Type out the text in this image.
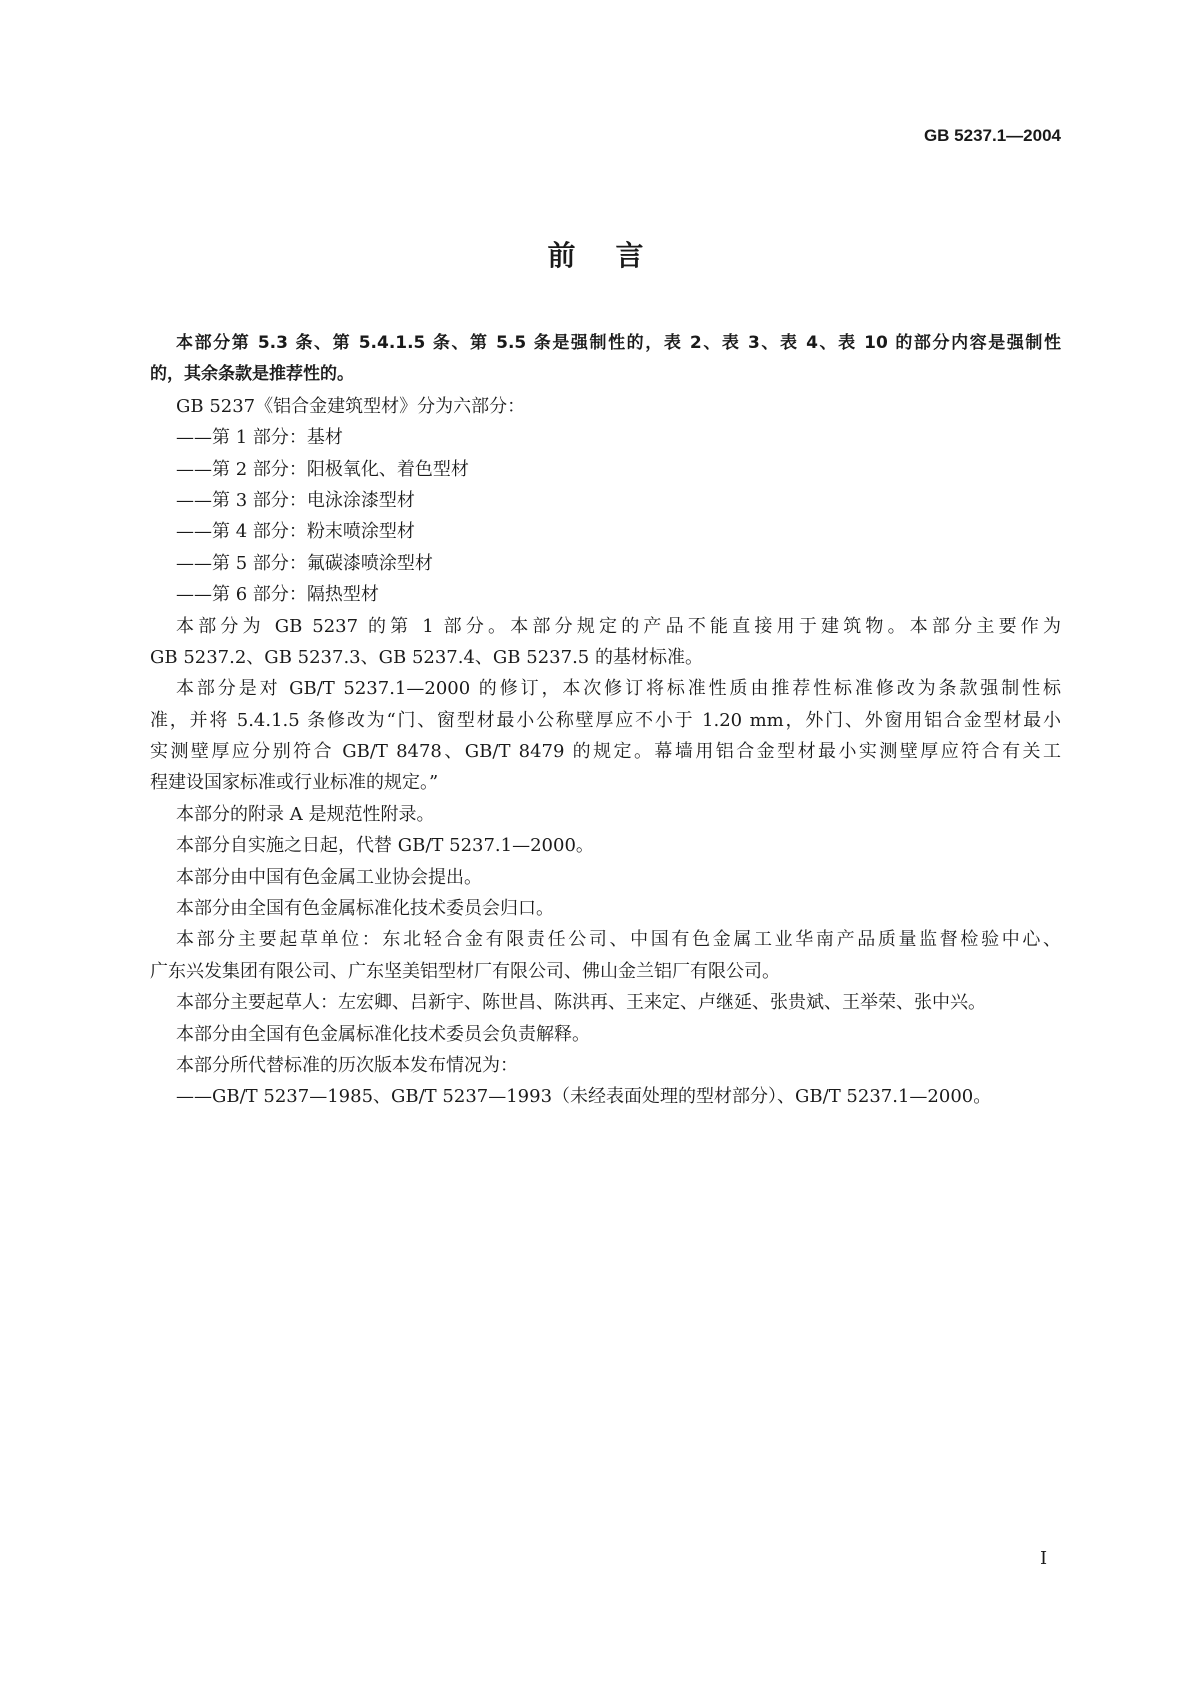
GB 5237.1—2004
前言
本部分第 5.3 条、第 5.4.1.5 条、第 5.5 条是强制性的，表 2、表 3、表 4、表 10 的部分内容是强制性
的，其余条款是推荐性的。
GB 5237《铝合金建筑型材》分为六部分：
——第 1 部分：基材
——第 2 部分：阳极氧化、着色型材
——第 3 部分：电泳涂漆型材
——第 4 部分：粉末喷涂型材
——第 5 部分：氟碳漆喷涂型材
——第 6 部分：隔热型材
本部分为 GB 5237 的第 1 部分。本部分规定的产品不能直接用于建筑物。本部分主要作为
GB 5237.2、GB 5237.3、GB 5237.4、GB 5237.5 的基材标准。
本部分是对 GB/T 5237.1—2000 的修订，本次修订将标准性质由推荐性标准修改为条款强制性标
准，并将 5.4.1.5 条修改为“门、窗型材最小公称壁厚应不小于 1.20 mm，外门、外窗用铝合金型材最小
实测壁厚应分别符合 GB/T 8478、GB/T 8479 的规定。幕墙用铝合金型材最小实测壁厚应符合有关工
程建设国家标准或行业标准的规定。”
本部分的附录 A 是规范性附录。
本部分自实施之日起，代替 GB/T 5237.1—2000。
本部分由中国有色金属工业协会提出。
本部分由全国有色金属标准化技术委员会归口。
本部分主要起草单位：东北轻合金有限责任公司、中国有色金属工业华南产品质量监督检验中心、
广东兴发集团有限公司、广东坚美铝型材厂有限公司、佛山金兰铝厂有限公司。
本部分主要起草人：左宏卿、吕新宇、陈世昌、陈洪再、王来定、卢继延、张贵斌、王举荣、张中兴。
本部分由全国有色金属标准化技术委员会负责解释。
本部分所代替标准的历次版本发布情况为：
——GB/T 5237—1985、GB/T 5237—1993（未经表面处理的型材部分）、GB/T 5237.1—2000。
I
